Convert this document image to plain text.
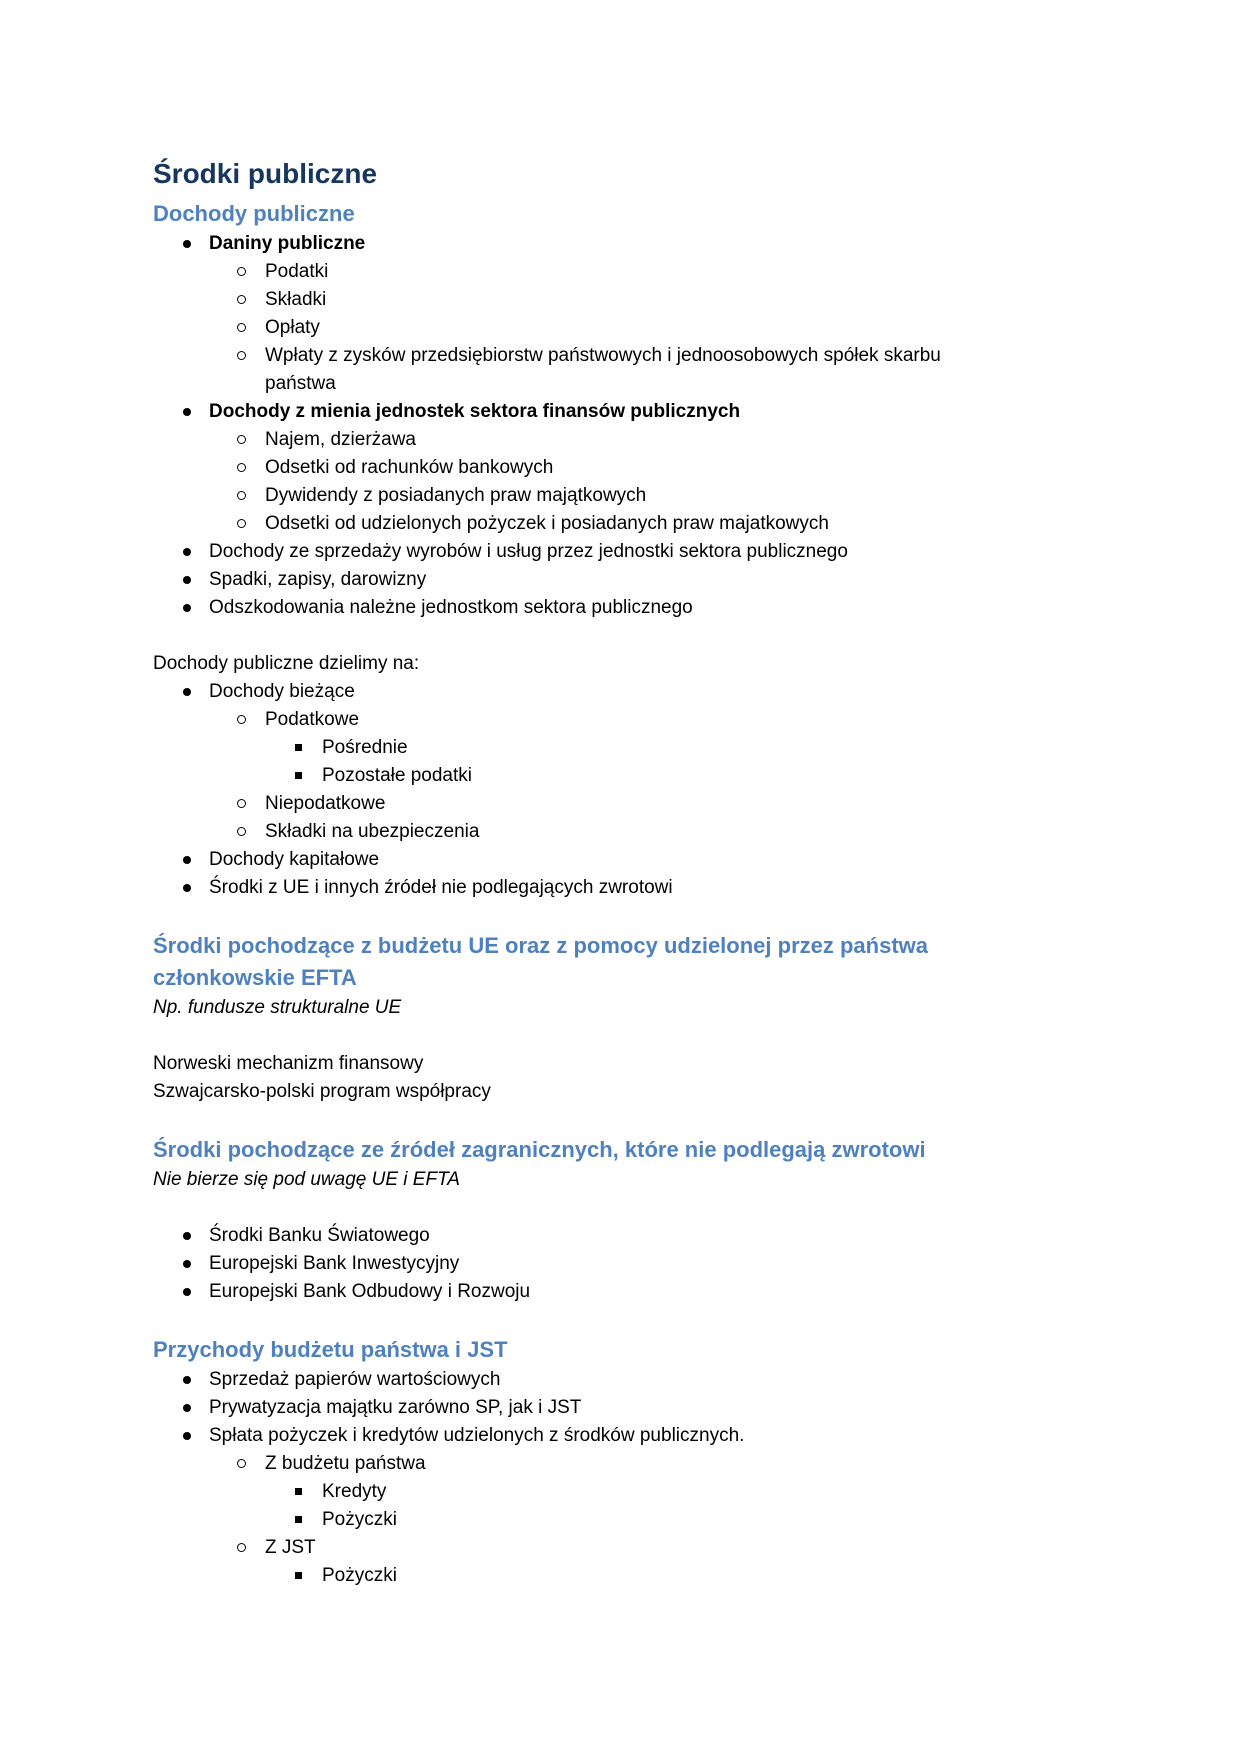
Środki publiczne
Dochody publiczne
Daniny publiczne
Podatki
Składki
Opłaty
Wpłaty z zysków przedsiębiorstw państwowych i jednoosobowych spółek skarbu
państwa
Dochody z mienia jednostek sektora finansów publicznych
Najem, dzierżawa
Odsetki od rachunków bankowych
Dywidendy z posiadanych praw majątkowych
Odsetki od udzielonych pożyczek i posiadanych praw majatkowych
Dochody ze sprzedaży wyrobów i usług przez jednostki sektora publicznego
Spadki, zapisy, darowizny
Odszkodowania należne jednostkom sektora publicznego
Dochody publiczne dzielimy na:
Dochody bieżące
Podatkowe
Pośrednie
Pozostałe podatki
Niepodatkowe
Składki na ubezpieczenia
Dochody kapitałowe
Środki z UE i innych źródeł nie podlegających zwrotowi
Środki pochodzące z budżetu UE oraz z pomocy udzielonej przez państwa
członkowskie EFTA
Np. fundusze strukturalne UE
Norweski mechanizm finansowy
Szwajcarsko-polski program współpracy
Środki pochodzące ze źródeł zagranicznych, które nie podlegają zwrotowi
Nie bierze się pod uwagę UE i EFTA
Środki Banku Światowego
Europejski Bank Inwestycyjny
Europejski Bank Odbudowy i Rozwoju
Przychody budżetu państwa i JST
Sprzedaż papierów wartościowych
Prywatyzacja majątku zarówno SP, jak i JST
Spłata pożyczek i kredytów udzielonych z środków publicznych.
Z budżetu państwa
Kredyty
Pożyczki
Z JST
Pożyczki
